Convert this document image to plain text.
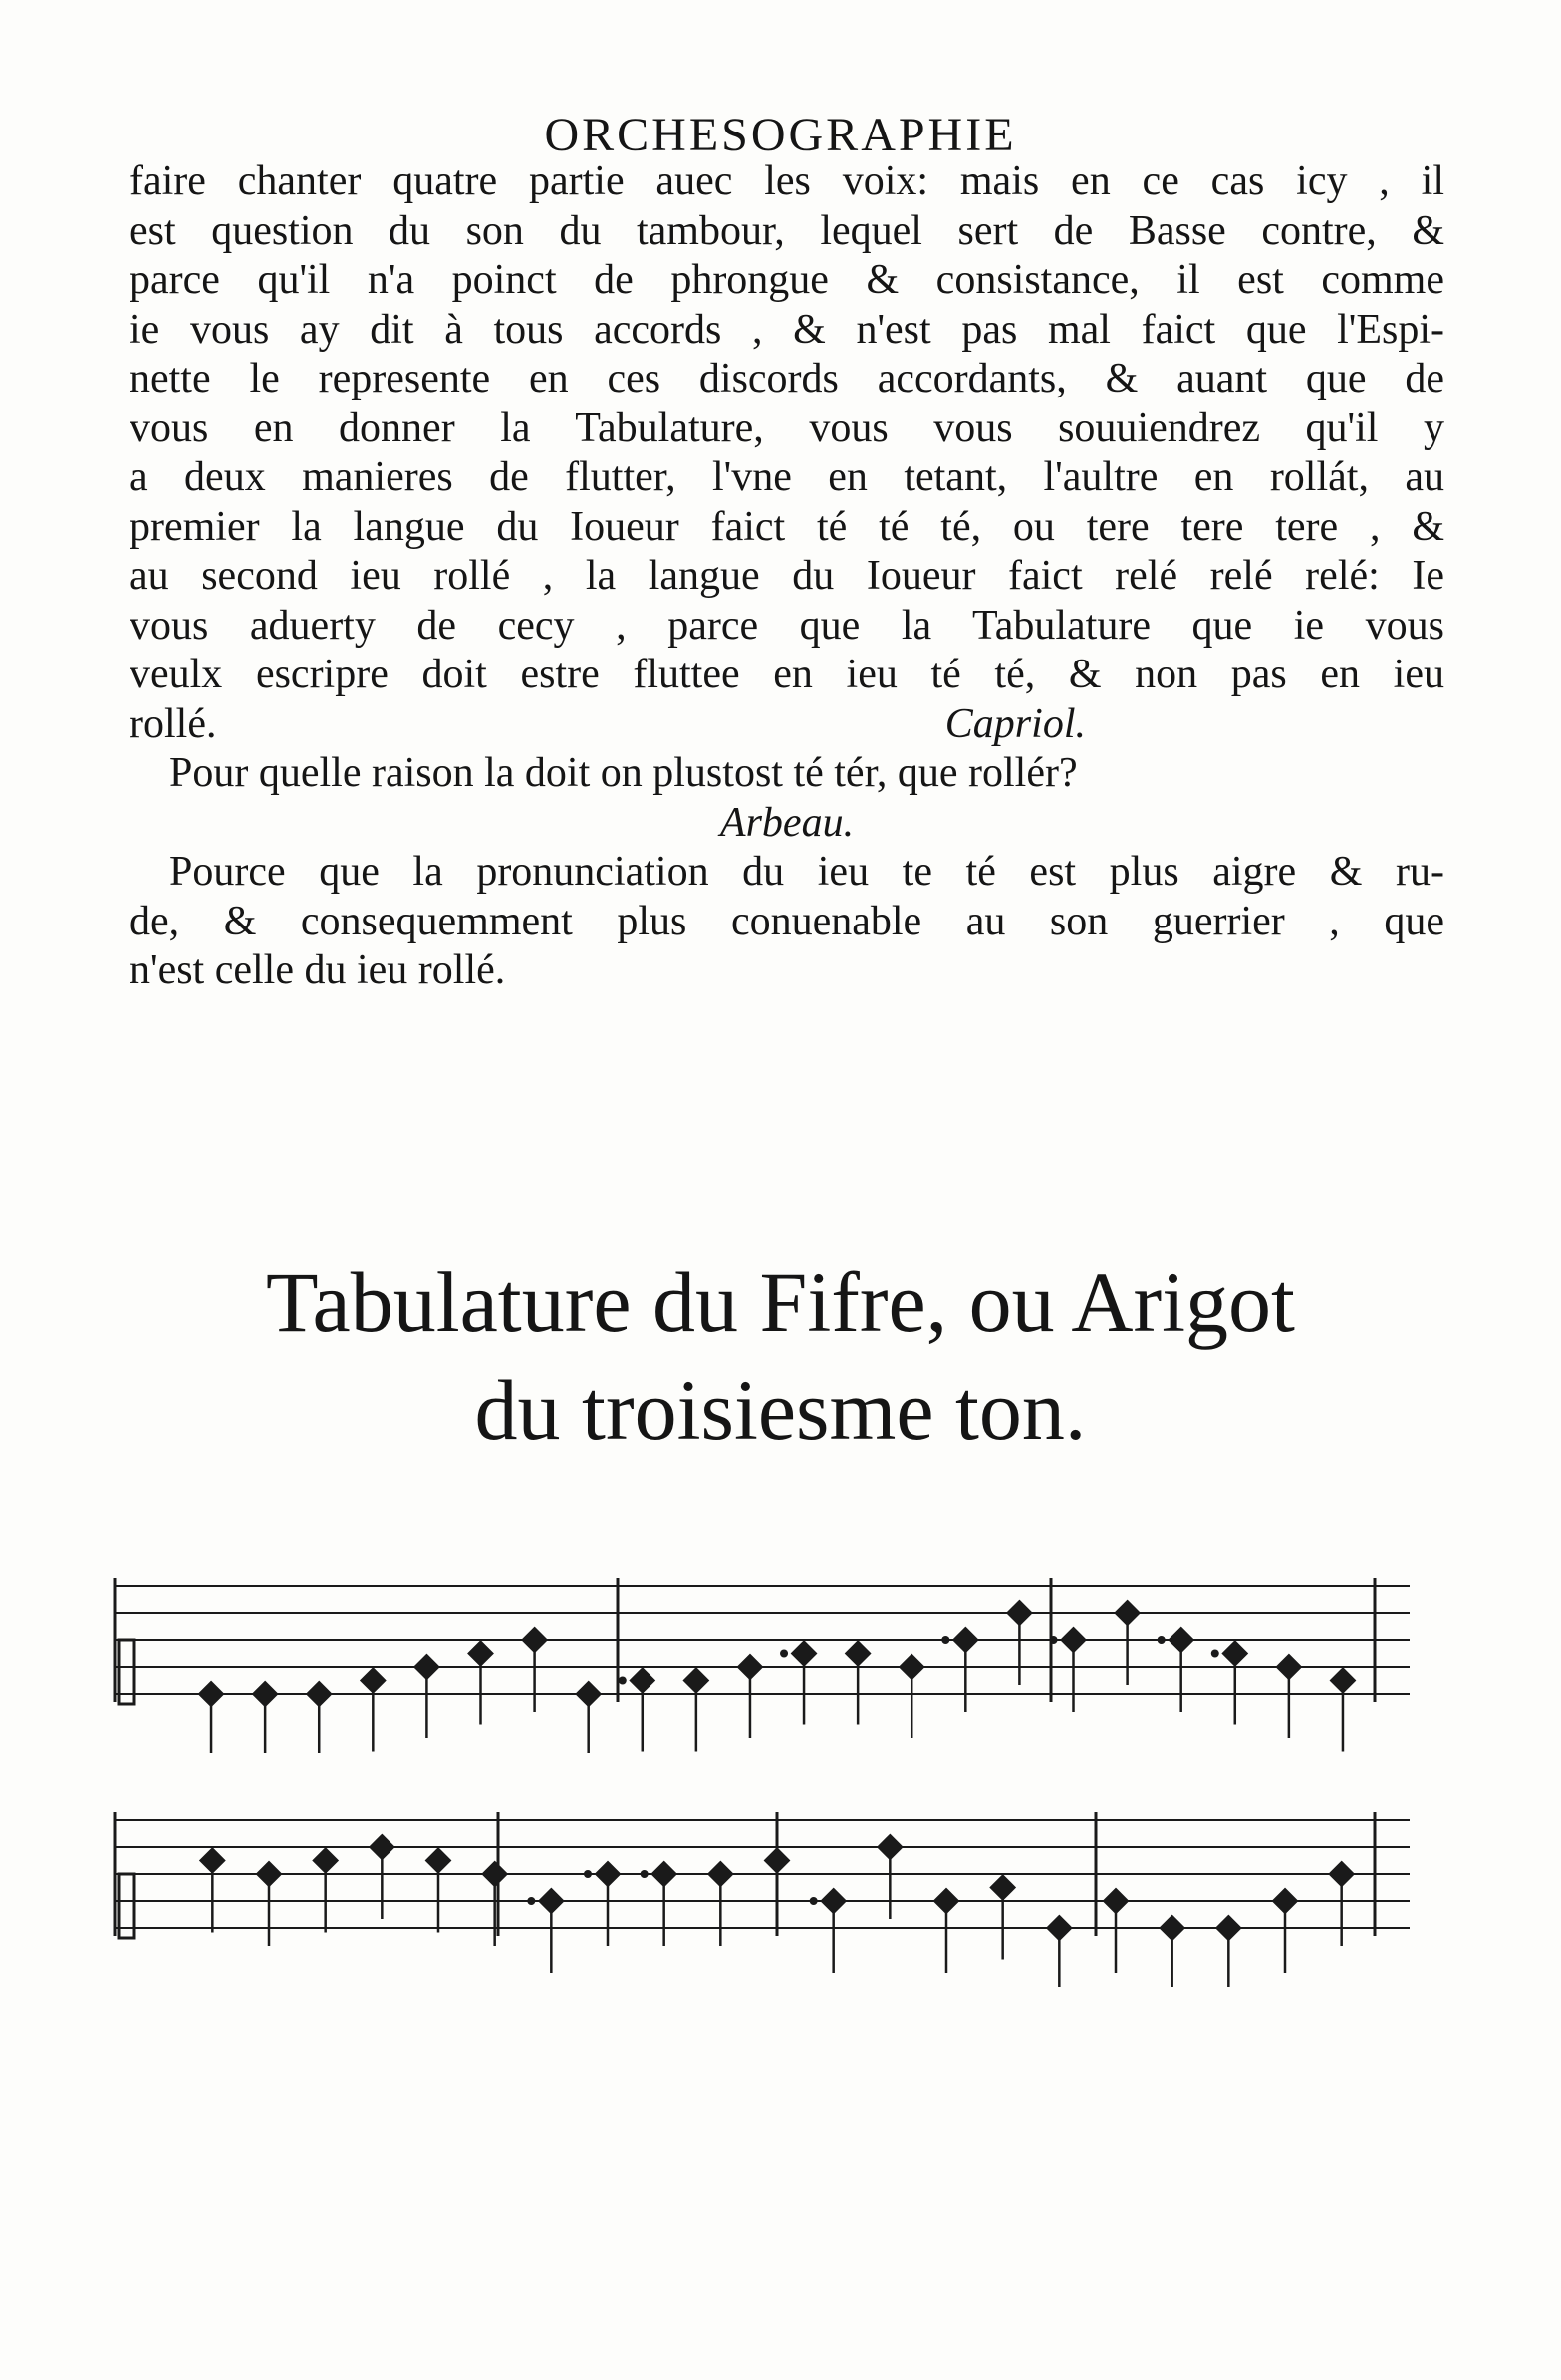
ORCHESOGRAPHIE
faire chanter quatre partie auec les voix: mais en ce cas icy , il
est question du son du tambour, lequel sert de Basse contre, &
parce qu'il n'a poinct de phrongue & consistance, il est comme
ie vous ay dit à tous accords , & n'est pas mal faict que l'Espi-
nette le represente en ces discords accordants, & auant que de
vous en donner la Tabulature, vous vous souuiendrez qu'il y
a deux manieres de flutter, l'vne en tetant, l'aultre en rollát, au
premier la langue du Ioueur faict té té té, ou tere tere tere , &
au second ieu rollé , la langue du Ioueur faict relé relé relé: Ie
vous aduerty de cecy , parce que la Tabulature que ie vous
veulx escripre doit estre fluttee en ieu té té, & non pas en ieu
rollé.	Capriol.
Pour quelle raison la doit on plustost té tér, que rollér?
Arbeau.
Pource que la pronunciation du ieu te té est plus aigre & ru-
de, & consequemment plus conuenable au son guerrier , que
n'est celle du ieu rollé.
Tabulature du Fifre, ou Arigot
du troisiesme ton.
